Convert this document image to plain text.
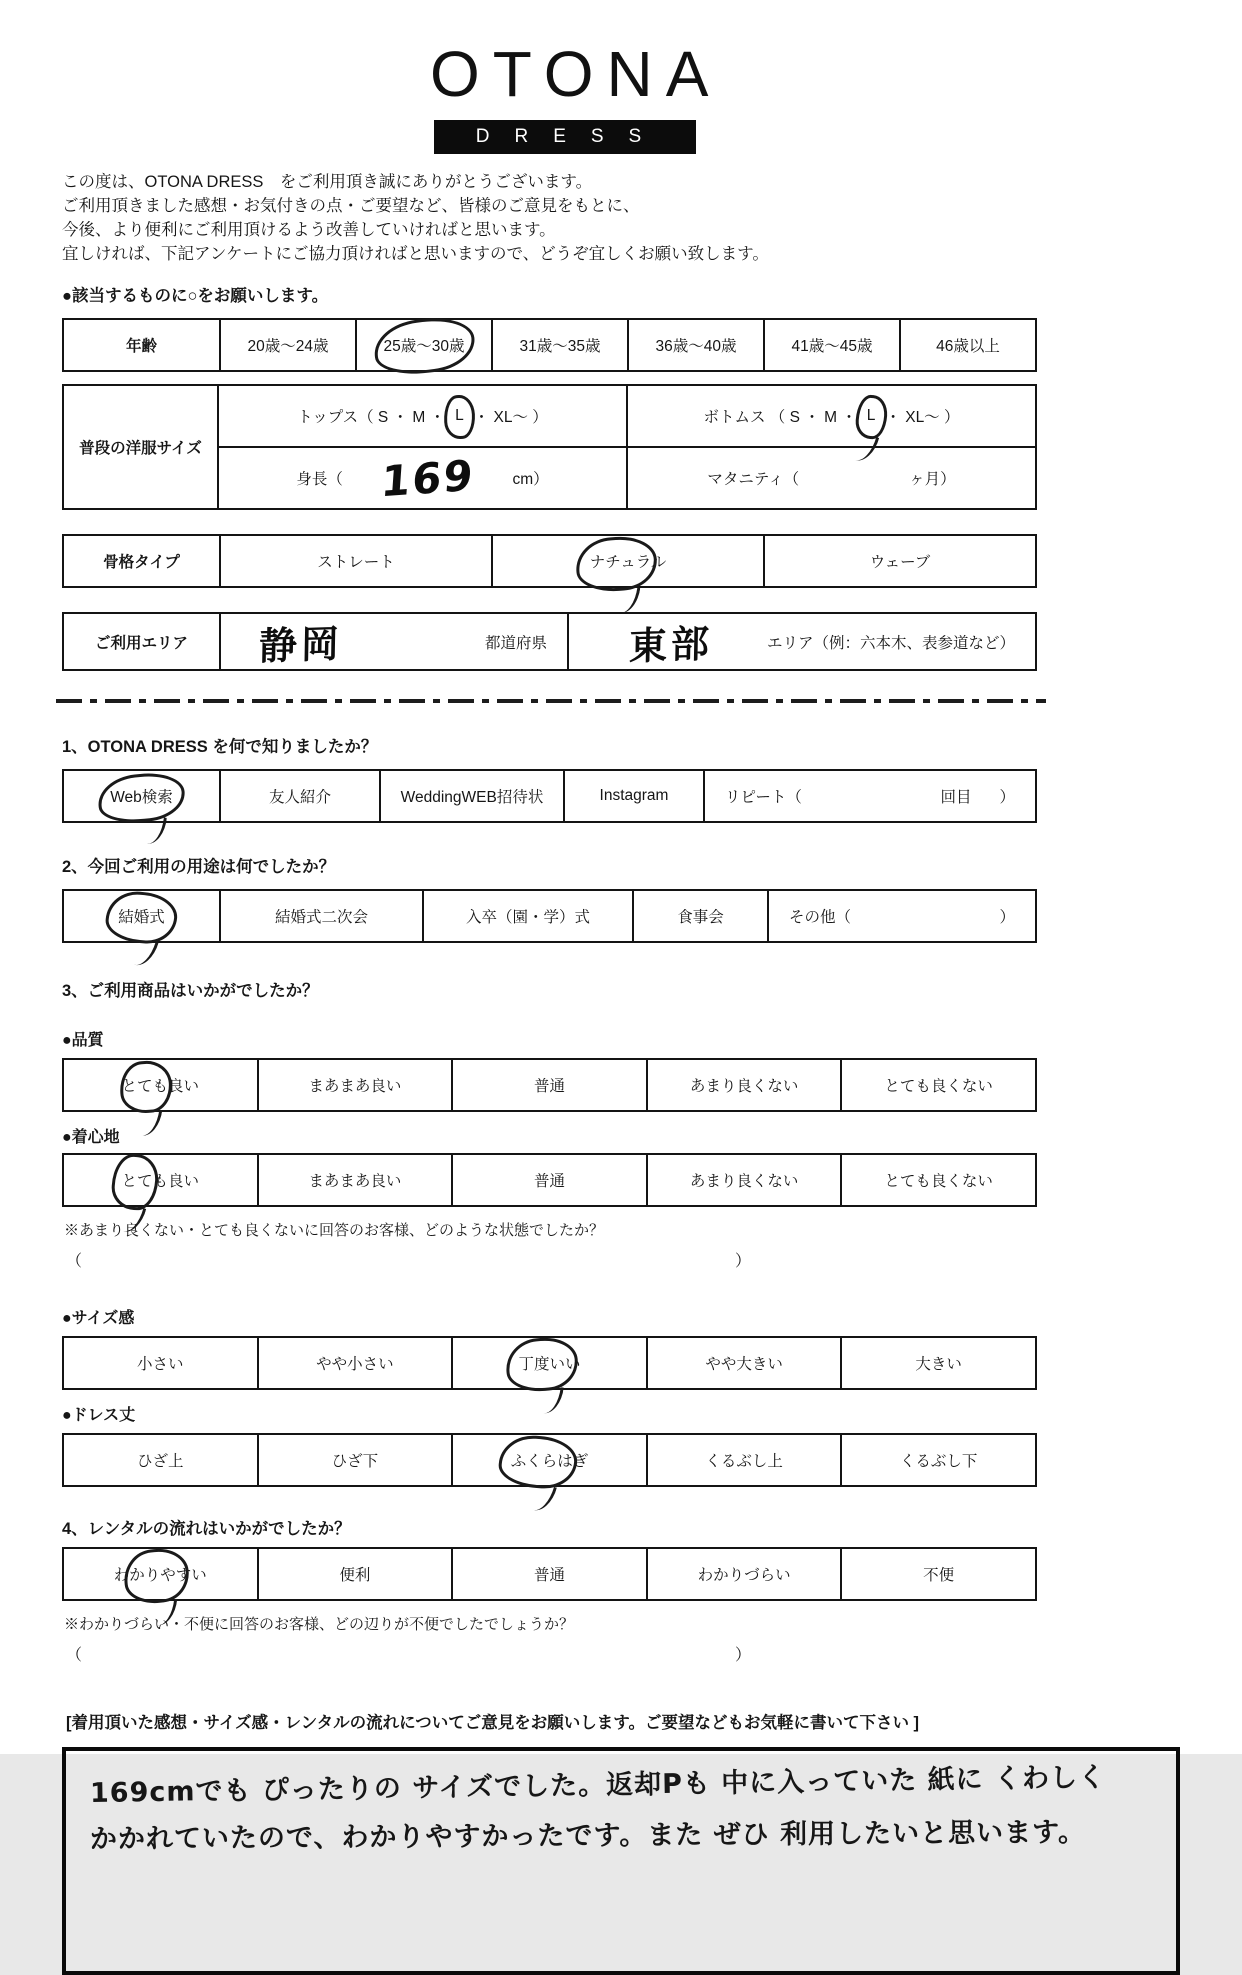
OTONA
DRESS

この度は、OTONA DRESS　をご利用頂き誠にありがとうございます。

ご利用頂きました感想・お気付きの点・ご要望など、皆様のご意見をもとに、

今後、より便利にご利用頂けるよう改善していければと思います。

宜しければ、下記アンケートにご協力頂ければと思いますので、どうぞ宜しくお願い致します。

●該当するものに○をお願いします。

年齢	20歳〜24歳	25歳〜30歳	31歳〜35歳	36歳〜40歳	41歳〜45歳	46歳以上
普段の洋服サイズ
トップス（ S ・ M ・ L ・ XL〜 ）	ボトムス （ S ・ M ・ L ・ XL〜 ）
身長（ 169 cm）	マタニティ（	ヶ月）
骨格タイプ	ストレート	ナチュラル	ウェーブ
ご利用エリア	静岡	都道府県 東部	エリア（例：六本木、表参道など）

1、OTONA DRESS を何で知りましたか？

Web検索	友人紹介	WeddingWEB招待状	Instagram	リピート（	回目 ）

2、今回ご利用の用途は何でしたか？

結婚式	結婚式二次会	入卒（園・学）式	食事会	その他（	）

3、ご利用商品はいかがでしたか？

●品質

とても良い	まあまあ良い	普通	あまり良くない	とても良くない

●着心地

とても良い	まあまあ良い	普通	あまり良くない	とても良くない

※あまり良くない・とても良くないに回答のお客様、どのような状態でしたか？

（	）

●サイズ感

小さい	やや小さい	丁度いい	やや大きい	大きい

●ドレス丈

ひざ上	ひざ下	ふくらはぎ	くるぶし上	くるぶし下

4、レンタルの流れはいかがでしたか？

わかりやすい	便利	普通	わかりづらい	不便

※わかりづらい・不便に回答のお客様、どの辺りが不便でしたでしょうか？

（	）

[着用頂いた感想・サイズ感・レンタルの流れについてご意見をお願いします。ご要望などもお気軽に書いて下さい ]

169cmでも ぴったりの サイズでした。返却Pも 中に入っていた 紙に くわしく
かかれていたので、わかりやすかったです。また ぜひ 利用したいと思います。
